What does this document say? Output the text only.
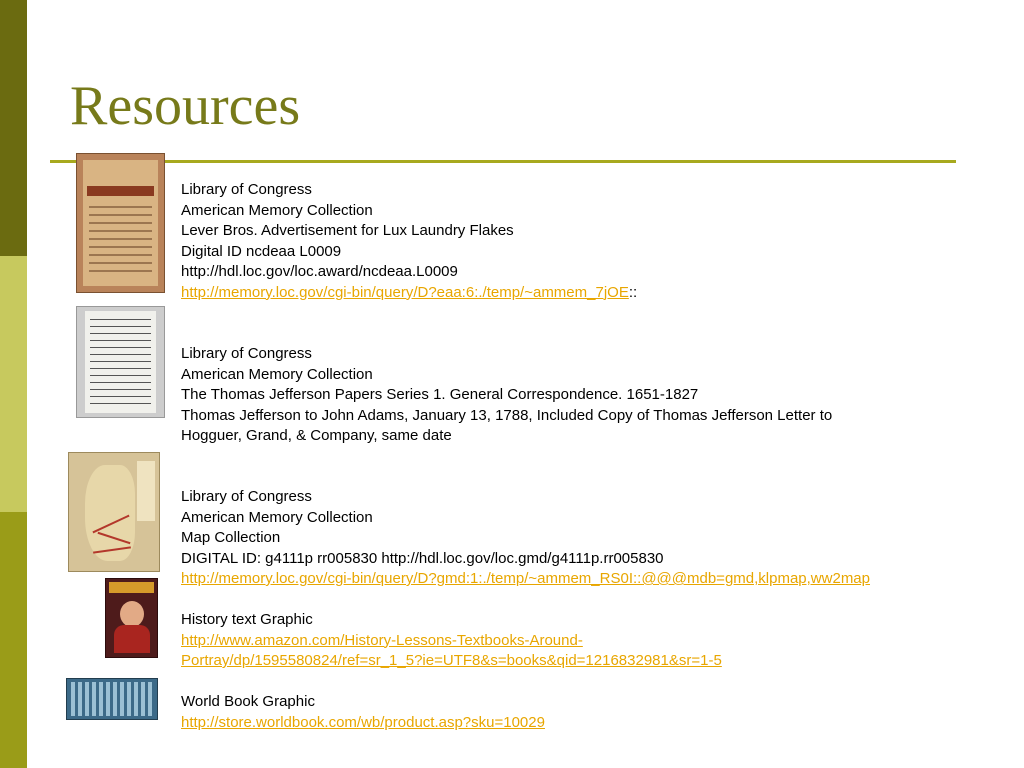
Resources
Library of Congress
American Memory Collection
Lever Bros. Advertisement for Lux Laundry Flakes
Digital ID ncdeaa L0009
http://hdl.loc.gov/loc.award/ncdeaa.L0009
http://memory.loc.gov/cgi-bin/query/D?eaa:6:./temp/~ammem_7jOE::
Library of Congress
American Memory Collection
The Thomas Jefferson Papers Series 1. General Correspondence. 1651-1827
Thomas Jefferson to John Adams, January 13, 1788, Included Copy of Thomas Jefferson Letter to
Hogguer, Grand, & Company, same date
Library of Congress
American Memory Collection
Map Collection
DIGITAL ID: g4111p rr005830 http://hdl.loc.gov/loc.gmd/g4111p.rr005830
http://memory.loc.gov/cgi-bin/query/D?gmd:1:./temp/~ammem_RS0I::@@@mdb=gmd,klpmap,ww2map
History text Graphic
http://www.amazon.com/History-Lessons-Textbooks-Around-
Portray/dp/1595580824/ref=sr_1_5?ie=UTF8&s=books&qid=1216832981&sr=1-5
World Book Graphic
http://store.worldbook.com/wb/product.asp?sku=10029
